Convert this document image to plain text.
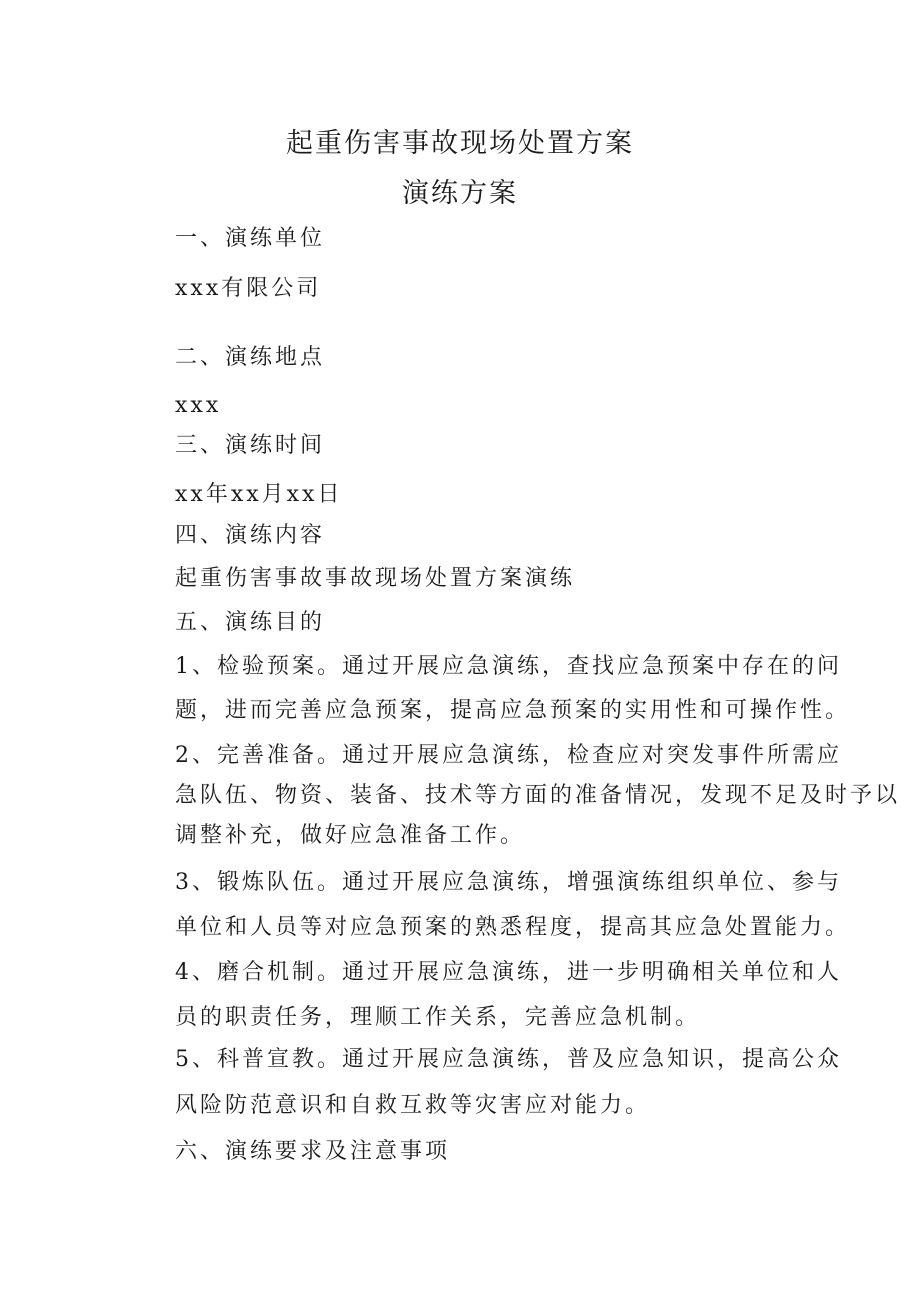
起重伤害事故现场处置方案
演练方案
一、演练单位
xxx有限公司
二、演练地点
xxx
三、演练时间
xx年xx月xx日
四、演练内容
起重伤害事故事故现场处置方案演练
五、演练目的
1、检验预案。通过开展应急演练，查找应急预案中存在的问
题，进而完善应急预案，提高应急预案的实用性和可操作性。
2、完善准备。通过开展应急演练，检查应对突发事件所需应
急队伍、物资、装备、技术等方面的准备情况，发现不足及时予以
调整补充，做好应急准备工作。
3、锻炼队伍。通过开展应急演练，增强演练组织单位、参与
单位和人员等对应急预案的熟悉程度，提高其应急处置能力。
4、磨合机制。通过开展应急演练，进一步明确相关单位和人
员的职责任务，理顺工作关系，完善应急机制。
5、科普宣教。通过开展应急演练，普及应急知识，提高公众
风险防范意识和自救互救等灾害应对能力。
六、演练要求及注意事项
